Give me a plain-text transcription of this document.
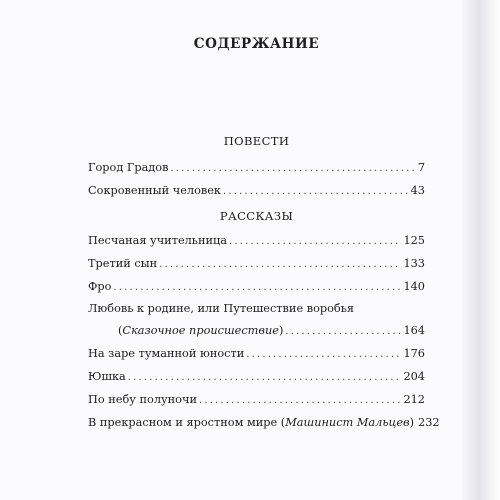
СОДЕРЖАНИЕ
ПОВЕСТИ
Город Градов . . .	7
Сокровенный человек . . .	43
РАССКАЗЫ
Песчаная учительница . . .	125
Третий сын . . .	133
Фро . . .	140
Любовь к родине, или Путешествие воробья
(Сказочное происшествие) . . .	164
На заре туманной юности . . .	176
Юшка . . .	204
По небу полуночи . . .	212
В прекрасном и яростном мире (Машинист Мальцев) 232
